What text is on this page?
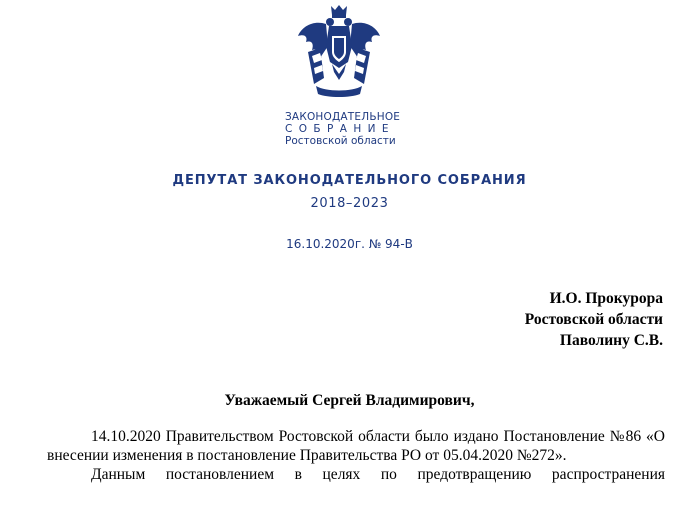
ЗАКОНОДАТЕЛЬНОЕ
СОБРАНИЕ
Ростовской области
ДЕПУТАТ ЗАКОНОДАТЕЛЬНОГО СОБРАНИЯ
2018–2023
16.10.2020г. № 94-В
И.О. Прокурора
Ростовской области
Паволину С.В.
Уважаемый Сергей Владимирович,

14.10.2020 Правительством Ростовской области было издано Постановление №86 «О внесении изменения в постановление Правительства РО от 05.04.2020 №272».

Данным постановлением в целях по предотвращению распространения
